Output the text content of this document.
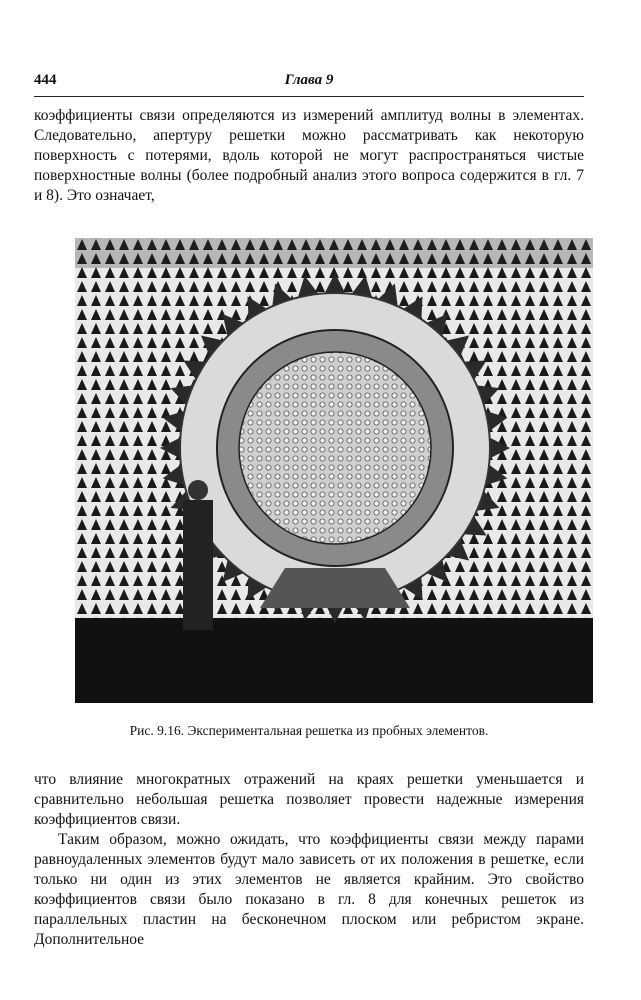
444	Глава 9

коэффициенты связи определяются из измерений амплитуд волны в элементах. Следовательно, апертуру решетки можно рассматривать как некоторую поверхность с потерями, вдоль которой не могут распространяться чистые поверхностные волны (более подробный анализ этого вопроса содержится в гл. 7 и 8). Это означает,

Рис. 9.16. Экспериментальная решетка из пробных элементов.

что влияние многократных отражений на краях решетки уменьшается и сравнительно небольшая решетка позволяет провести надежные измерения коэффициентов связи.

Таким образом, можно ожидать, что коэффициенты связи между парами равноудаленных элементов будут мало зависеть от их положения в решетке, если только ни один из этих элементов не является крайним. Это свойство коэффициентов связи было показано в гл. 8 для конечных решеток из параллельных пластин на бесконечном плоском или ребристом экране. Дополнительное
